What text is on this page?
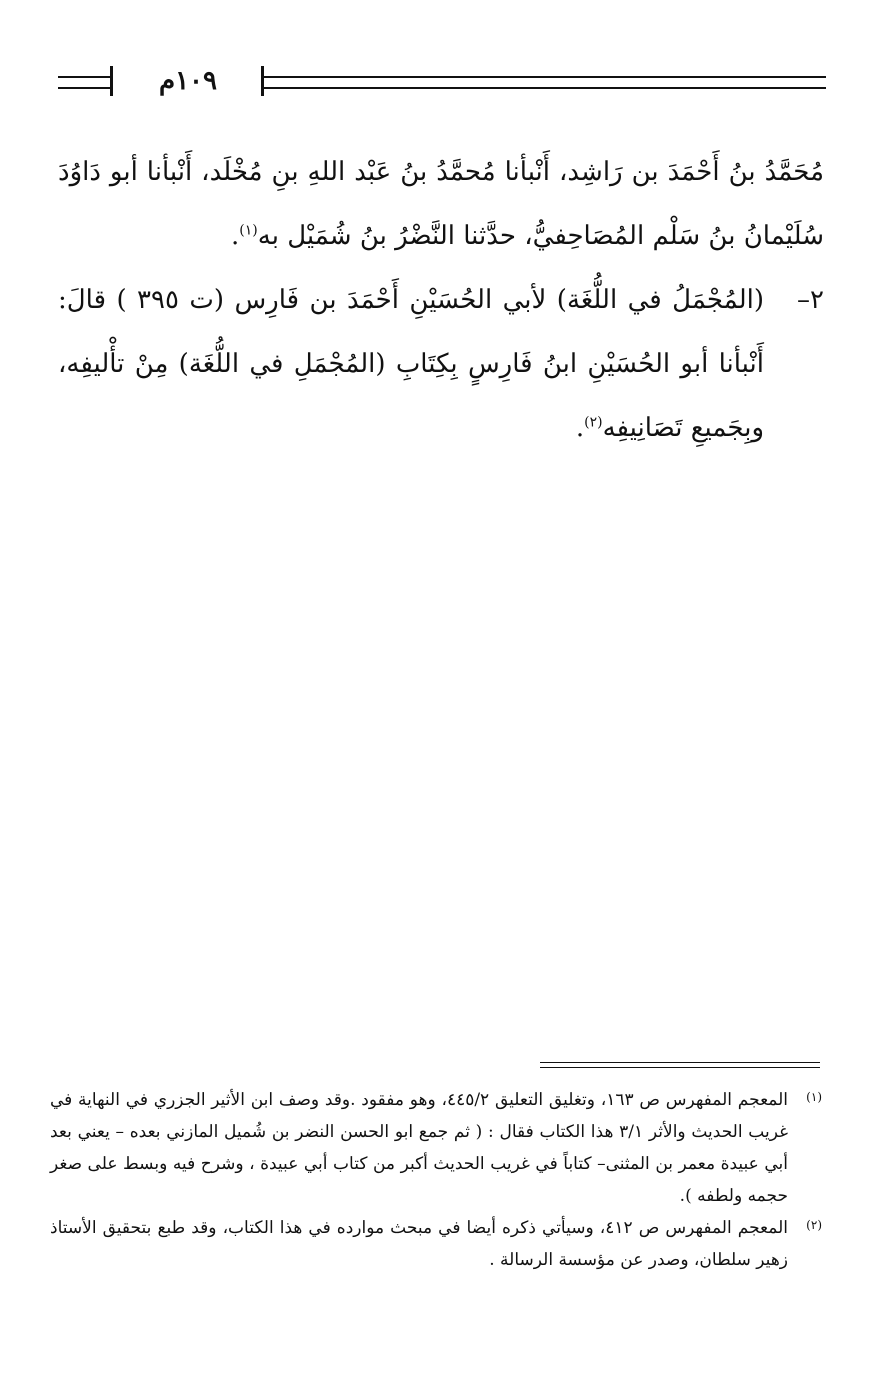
١٠٩م

مُحَمَّدُ بنُ أَحْمَدَ بن رَاشِد، أَنْبأنا مُحمَّدُ بنُ عَبْد اللهِ بنِ مُخْلَد، أَنْبأنا أبو دَاوُدَ سُلَيْمانُ بنُ سَلْم المُصَاحِفيُّ، حدَّثنا النَّضْرُ بنُ شُمَيْل به$^{(١)}$.

٢–

(المُجْمَلُ في اللُّغَة) لأبي الحُسَيْنِ أَحْمَدَ بن فَارِس (ت ٣٩٥ ) قالَ: أَنْبأنا أبو الحُسَيْنِ ابنُ فَارِسٍ بِكِتَابِ (المُجْمَلِ في اللُّغَة) مِنْ تأْليفِه، وبِجَميعِ تَصَانِيفِه$^{(٢)}$.

(١)

المعجم المفهرس ص ١٦٣، وتغليق التعليق ٤٤٥/٢، وهو مفقود .وقد وصف ابن الأثير الجزري في النهاية في غريب الحديث والأثر ٣/١ هذا الكتاب فقال : ( ثم جمع ابو الحسن النضر بن شُميل المازني بعده – يعني بعد أبي عبيدة معمر بن المثنى– كتاباً في غريب الحديث أكبر من كتاب أبي عبيدة ، وشرح فيه وبسط على صغر حجمه ولطفه ).

(٢)

المعجم المفهرس ص ٤١٢، وسيأتي ذكره أيضا في مبحث موارده في هذا الكتاب، وقد طبع بتحقيق الأستاذ زهير سلطان، وصدر عن مؤسسة الرسالة .
